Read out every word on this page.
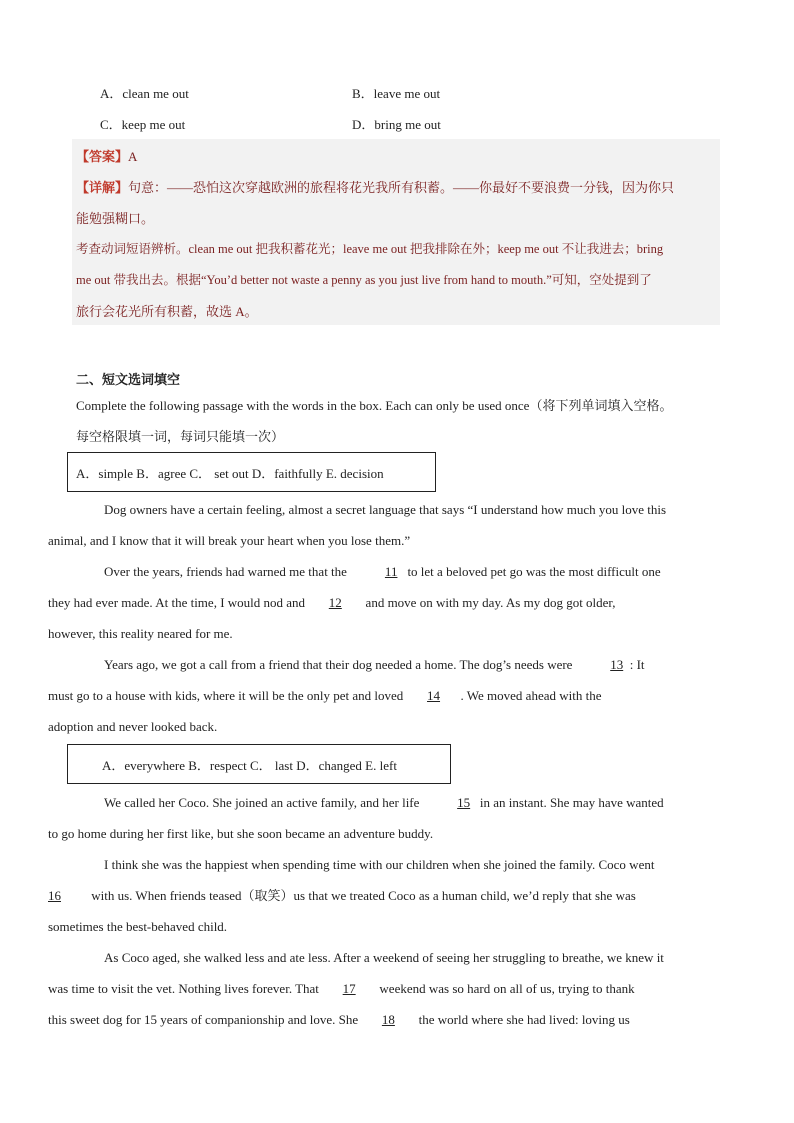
A．clean me out	B．leave me out
C．keep me out	D．bring me out
【答案】A
【详解】句意：——恐怕这次穿越欧洲的旅程将花光我所有积蓄。——你最好不要浪费一分钱，因为你只
能勉强糊口。
考查动词短语辨析。clean me out 把我积蓄花光；leave me out 把我排除在外；keep me out 不让我进去；bring
me out 带我出去。根据“You’d better not waste a penny as you just live from hand to mouth.”可知，空处提到了
旅行会花光所有积蓄，故选 A。
二、短文选词填空
Complete the following passage with the words in the box. Each can only be used once（将下列单词填入空格。
每空格限填一词，每词只能填一次）
A．simple B．agree C． set out D．faithfully E. decision
Dog owners have a certain feeling, almost a secret language that says “I understand how much you love this
animal, and I know that it will break your heart when you lose them.”
Over the years, friends had warned me that the	11 to let a beloved pet go was the most difficult one
they had ever made. At the time, I would nod and 12 and move on with my day. As my dog got older,
however, this reality neared for me.
Years ago, we got a call from a friend that their dog needed a home. The dog’s needs were	13 : It
must go to a house with kids, where it will be the only pet and loved 14 . We moved ahead with the
adoption and never looked back.
A．everywhere B．respect C． last D．changed E. left
We called her Coco. She joined an active family, and her life	15 in an instant. She may have wanted
to go home during her first like, but she soon became an adventure buddy.
I think she was the happiest when spending time with our children when she joined the family. Coco went
16 with us. When friends teased（取笑）us that we treated Coco as a human child, we’d reply that she was
sometimes the best-behaved child.
As Coco aged, she walked less and ate less. After a weekend of seeing her struggling to breathe, we knew it
was time to visit the vet. Nothing lives forever. That 17 weekend was so hard on all of us, trying to thank
this sweet dog for 15 years of companionship and love. She 18 the world where she had lived: loving us
